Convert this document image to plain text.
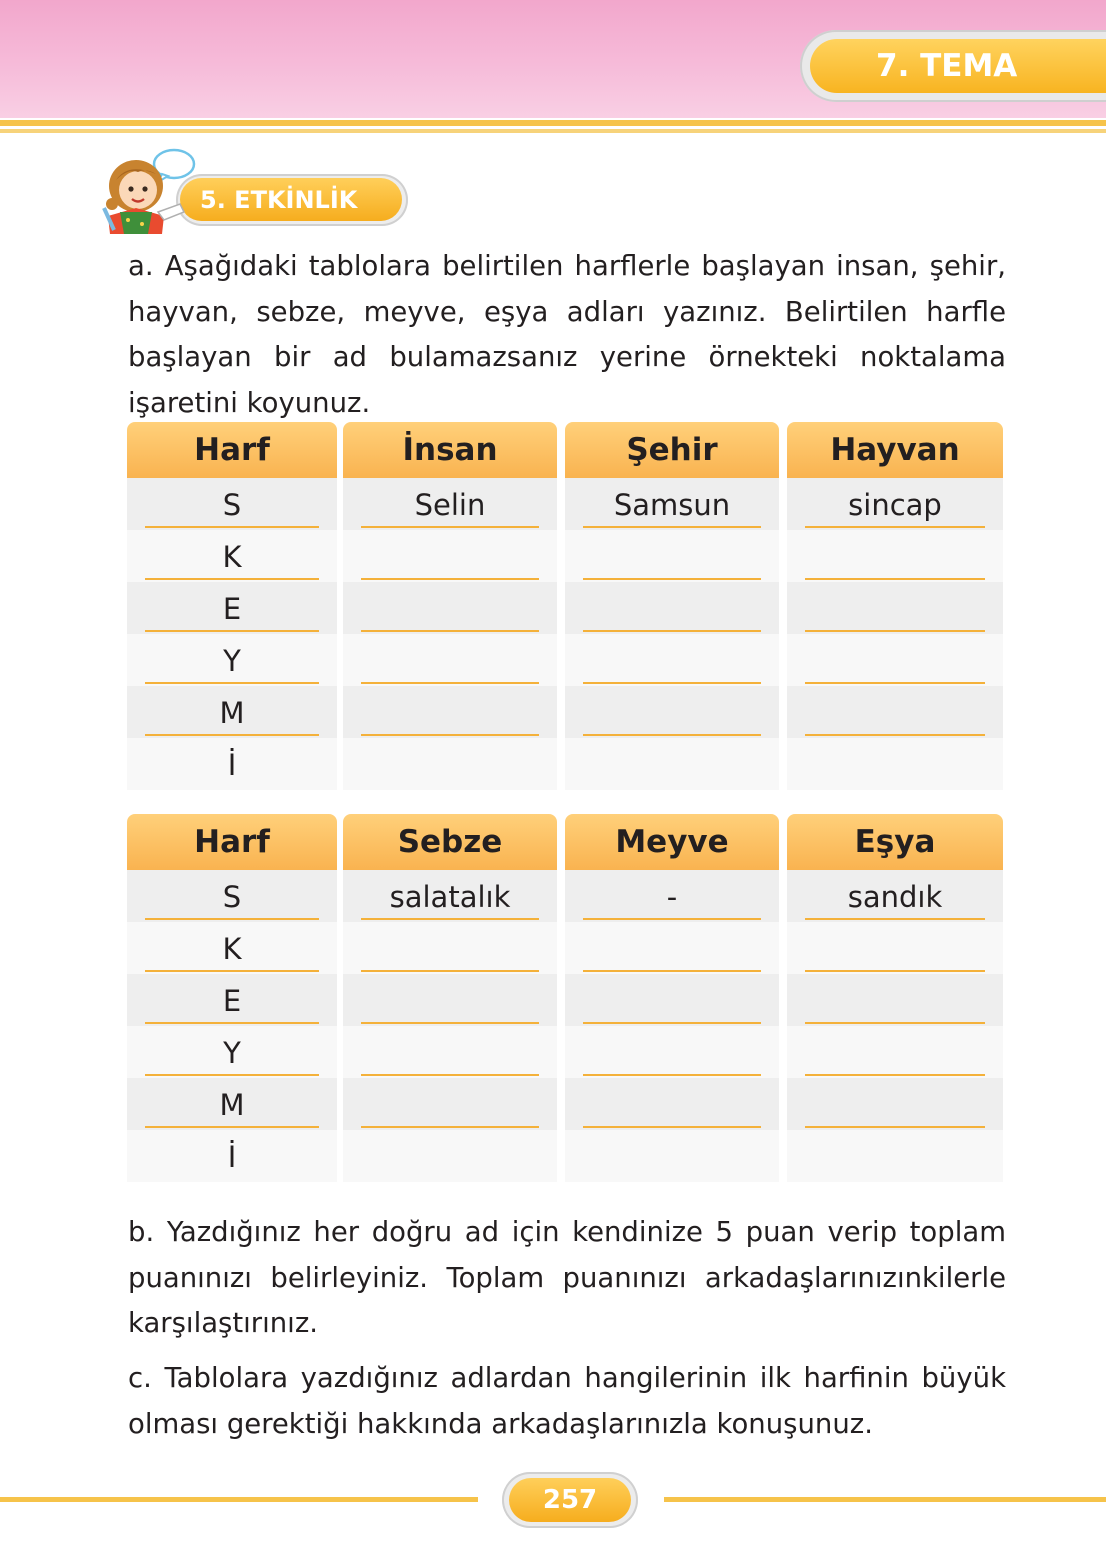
7. TEMA
5. ETKİNLİK
a. Aşağıdaki tablolara belirtilen harflerle başlayan insan, şehir, hayvan, sebze, meyve, eşya adları yazınız. Belirtilen harfle başlayan bir ad bulamazsanız yerine örnekteki noktalama işaretini koyunuz.
Harf
S
K
E
Y
M
İ
İnsan
Selin
Şehir
Samsun
Hayvan
sincap
Harf
S
K
E
Y
M
İ
Sebze
salatalık
Meyve
-
Eşya
sandık
b. Yazdığınız her doğru ad için kendinize 5 puan verip toplam puanınızı belirleyiniz. Toplam puanınızı arkadaşlarınızınkilerle karşılaştırınız.
c. Tablolara yazdığınız adlardan hangilerinin ilk harfinin büyük olması gerektiği hakkında arkadaşlarınızla konuşunuz.
257
